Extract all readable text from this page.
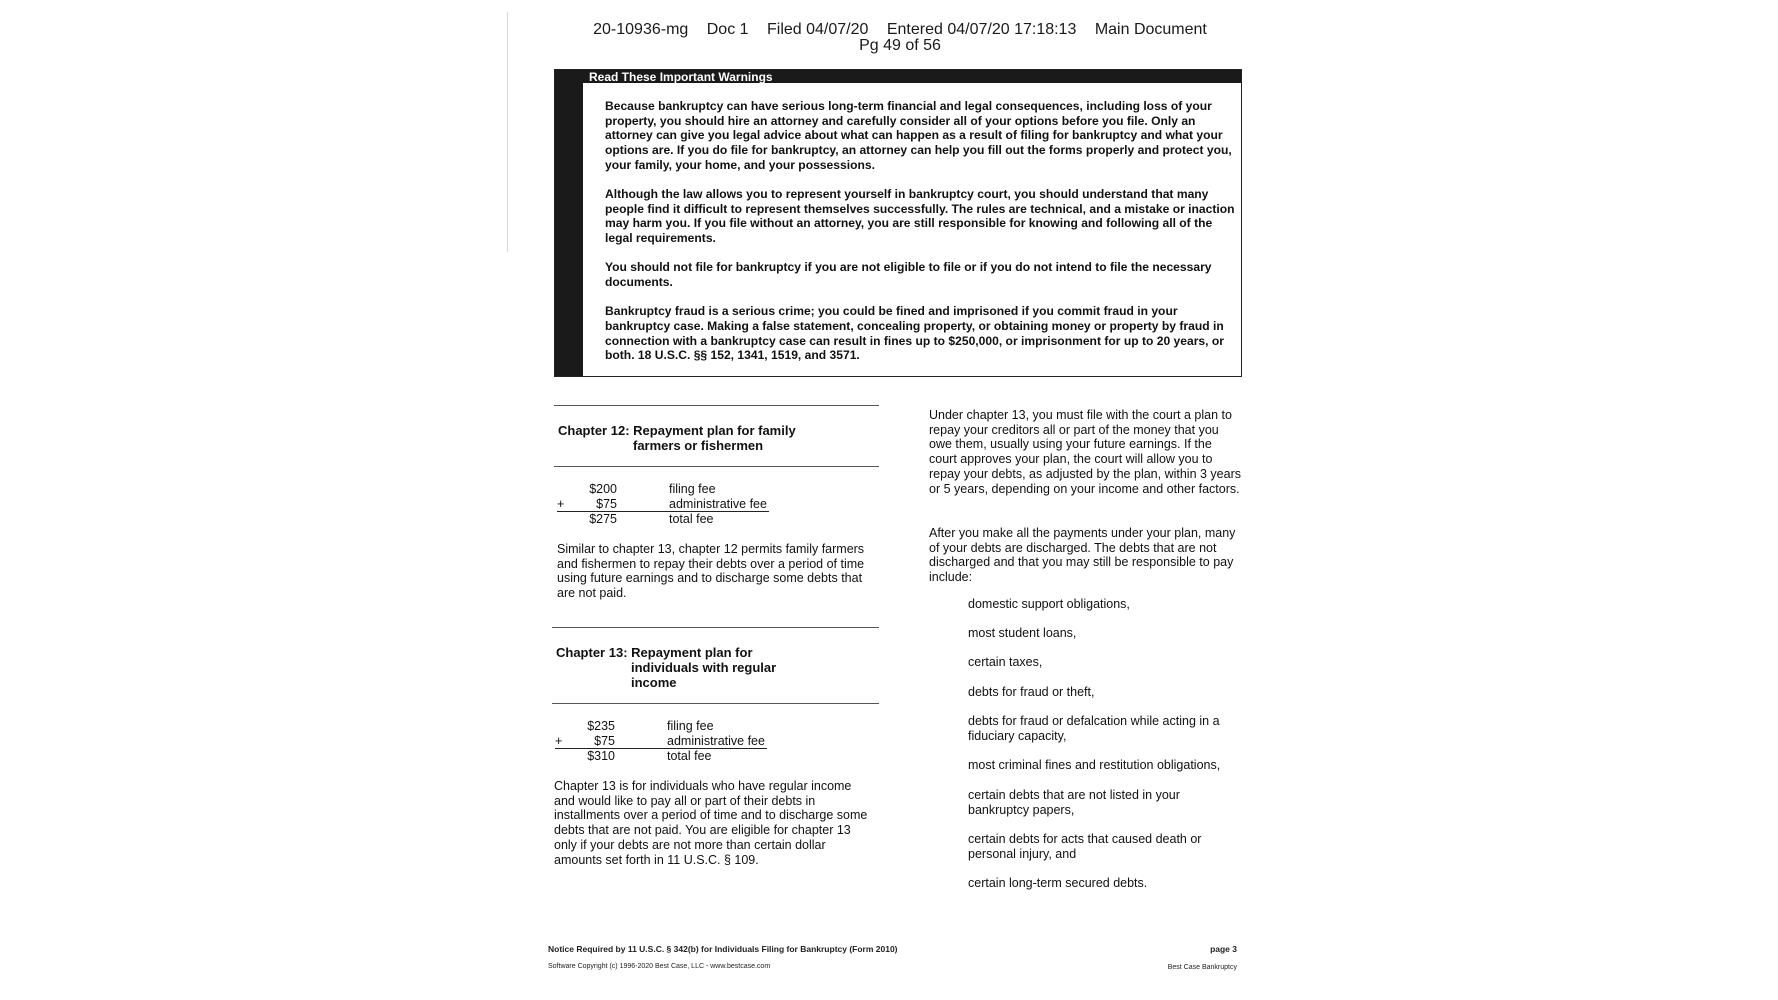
20-10936-mg Doc 1 Filed 04/07/20 Entered 04/07/20 17:18:13 Main Document
Pg 49 of 56
Read These Important Warnings

Because bankruptcy can have serious long-term financial and legal consequences, including loss of your property, you should hire an attorney and carefully consider all of your options before you file. Only an attorney can give you legal advice about what can happen as a result of filing for bankruptcy and what your options are. If you do file for bankruptcy, an attorney can help you fill out the forms properly and protect you, your family, your home, and your possessions.

Although the law allows you to represent yourself in bankruptcy court, you should understand that many people find it difficult to represent themselves successfully. The rules are technical, and a mistake or inaction may harm you. If you file without an attorney, you are still responsible for knowing and following all of the legal requirements.

You should not file for bankruptcy if you are not eligible to file or if you do not intend to file the necessary documents.

Bankruptcy fraud is a serious crime; you could be fined and imprisoned if you commit fraud in your bankruptcy case. Making a false statement, concealing property, or obtaining money or property by fraud in connection with a bankruptcy case can result in fines up to $250,000, or imprisonment for up to 20 years, or both. 18 U.S.C. §§ 152, 1341, 1519, and 3571.

Chapter 12: Repayment plan for family
farmers or fishermen
$200	filing fee
+	$75	administrative fee
$275	total fee
Similar to chapter 13, chapter 12 permits family farmers and fishermen to repay their debts over a period of time using future earnings and to discharge some debts that are not paid.
Chapter 13: Repayment plan for
individuals with regular
income
$235	filing fee
+	$75	administrative fee
$310	total fee
Chapter 13 is for individuals who have regular income and would like to pay all or part of their debts in installments over a period of time and to discharge some debts that are not paid. You are eligible for chapter 13 only if your debts are not more than certain dollar amounts set forth in 11 U.S.C. § 109.
Under chapter 13, you must file with the court a plan to repay your creditors all or part of the money that you owe them, usually using your future earnings. If the court approves your plan, the court will allow you to repay your debts, as adjusted by the plan, within 3 years or 5 years, depending on your income and other factors.
After you make all the payments under your plan, many of your debts are discharged. The debts that are not discharged and that you may still be responsible to pay include:
domestic support obligations,
most student loans,
certain taxes,
debts for fraud or theft,
debts for fraud or defalcation while acting in a fiduciary capacity,
most criminal fines and restitution obligations,
certain debts that are not listed in your bankruptcy papers,
certain debts for acts that caused death or personal injury, and
certain long-term secured debts.
Notice Required by 11 U.S.C. § 342(b) for Individuals Filing for Bankruptcy (Form 2010)	page 3
Software Copyright (c) 1996-2020 Best Case, LLC - www.bestcase.com	Best Case Bankruptcy
